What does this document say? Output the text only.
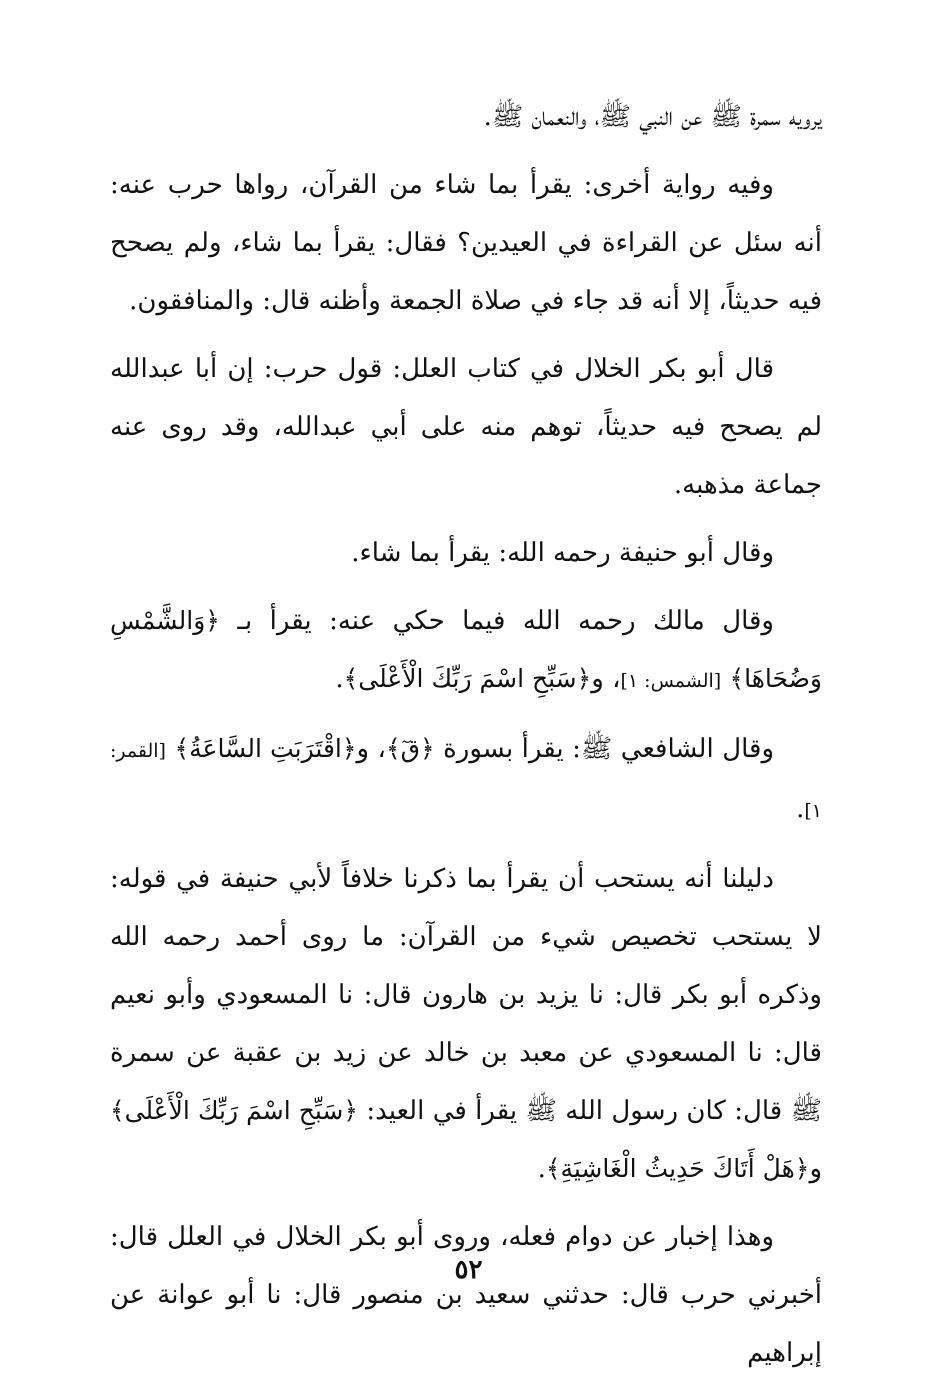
يرويه سمرة ﷺ عن النبي ﷺ، والنعمان ﷺ.

وفيه رواية أخرى: يقرأ بما شاء من القرآن، رواها حرب عنه: أنه سئل عن القراءة في العيدين؟ فقال: يقرأ بما شاء، ولم يصحح فيه حديثاً، إلا أنه قد جاء في صلاة الجمعة وأظنه قال: والمنافقون.

قال أبو بكر الخلال في كتاب العلل: قول حرب: إن أبا عبدالله لم يصحح فيه حديثاً، توهم منه على أبي عبدالله، وقد روى عنه جماعة مذهبه.

وقال أبو حنيفة رحمه الله: يقرأ بما شاء.

وقال مالك رحمه الله فيما حكي عنه: يقرأ بـ ﴿وَالشَّمْسِ وَضُحَاهَا﴾ [الشمس: ١]، و﴿سَبِّحِ اسْمَ رَبِّكَ الْأَعْلَى﴾.

وقال الشافعي ﷺ: يقرأ بسورة ﴿قٓ﴾، و﴿اقْتَرَبَتِ السَّاعَةُ﴾ [القمر: ١].

دليلنا أنه يستحب أن يقرأ بما ذكرنا خلافاً لأبي حنيفة في قوله: لا يستحب تخصيص شيء من القرآن: ما روى أحمد رحمه الله وذكره أبو بكر قال: نا يزيد بن هارون قال: نا المسعودي وأبو نعيم قال: نا المسعودي عن معبد بن خالد عن زيد بن عقبة عن سمرة ﷺ قال: كان رسول الله ﷺ يقرأ في العيد: ﴿سَبِّحِ اسْمَ رَبِّكَ الْأَعْلَى﴾ و﴿هَلْ أَتَاكَ حَدِيثُ الْغَاشِيَةِ﴾.

وهذا إخبار عن دوام فعله، وروى أبو بكر الخلال في العلل قال: أخبرني حرب قال: حدثني سعيد بن منصور قال: نا أبو عوانة عن إبراهيم

٥٢
